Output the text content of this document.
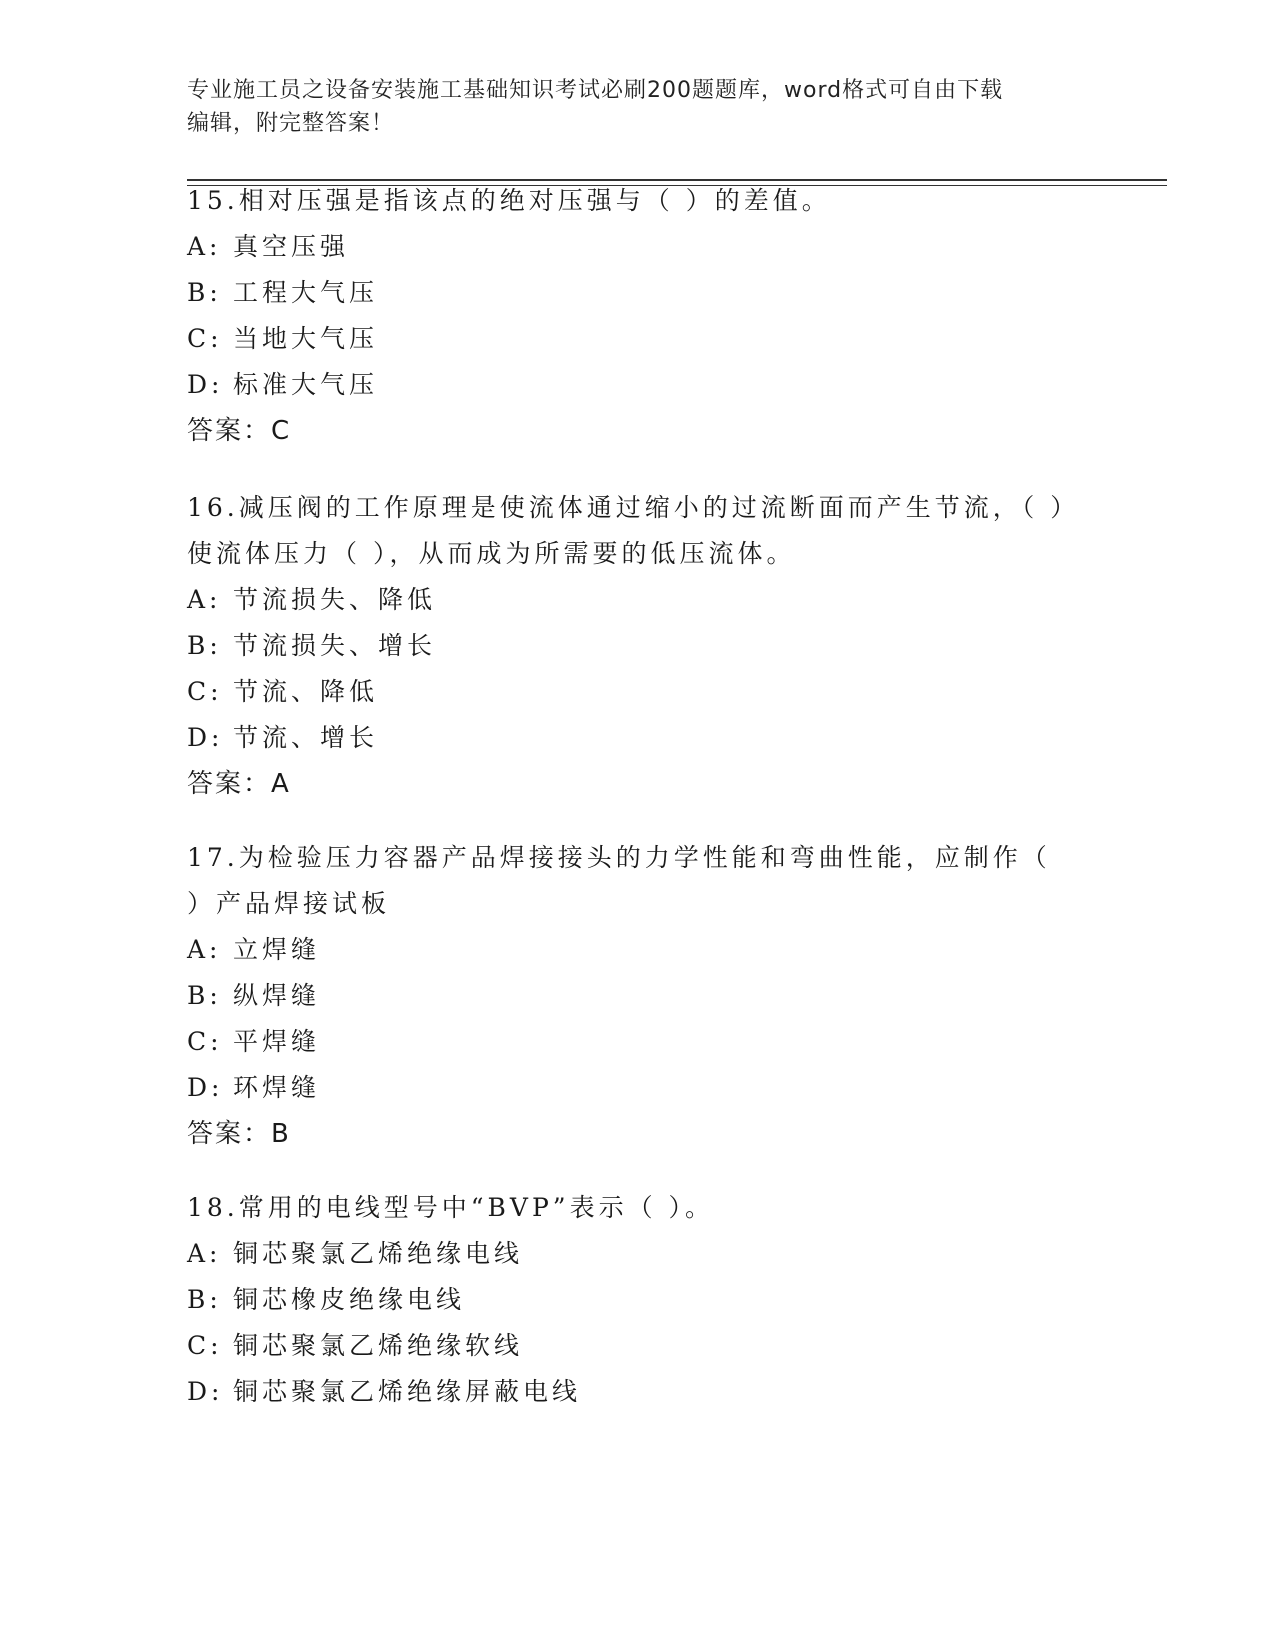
专业施工员之设备安装施工基础知识考试必刷200题题库，word格式可自由下载
编辑，附完整答案！

15.相对压强是指该点的绝对压强与（ ）的差值。

A: 真空压强

B: 工程大气压

C: 当地大气压

D: 标准大气压

答案：C

16.减压阀的工作原理是使流体通过缩小的过流断面而产生节流，（ ）使流体压力（ ），从而成为所需要的低压流体。

A: 节流损失、降低

B: 节流损失、增长

C: 节流、降低

D: 节流、增长

答案：A

17.为检验压力容器产品焊接接头的力学性能和弯曲性能，应制作（ ）产品焊接试板

A: 立焊缝

B: 纵焊缝

C: 平焊缝

D: 环焊缝

答案：B

18.常用的电线型号中“BVP”表示（ ）。

A: 铜芯聚氯乙烯绝缘电线

B: 铜芯橡皮绝缘电线

C: 铜芯聚氯乙烯绝缘软线

D: 铜芯聚氯乙烯绝缘屏蔽电线
